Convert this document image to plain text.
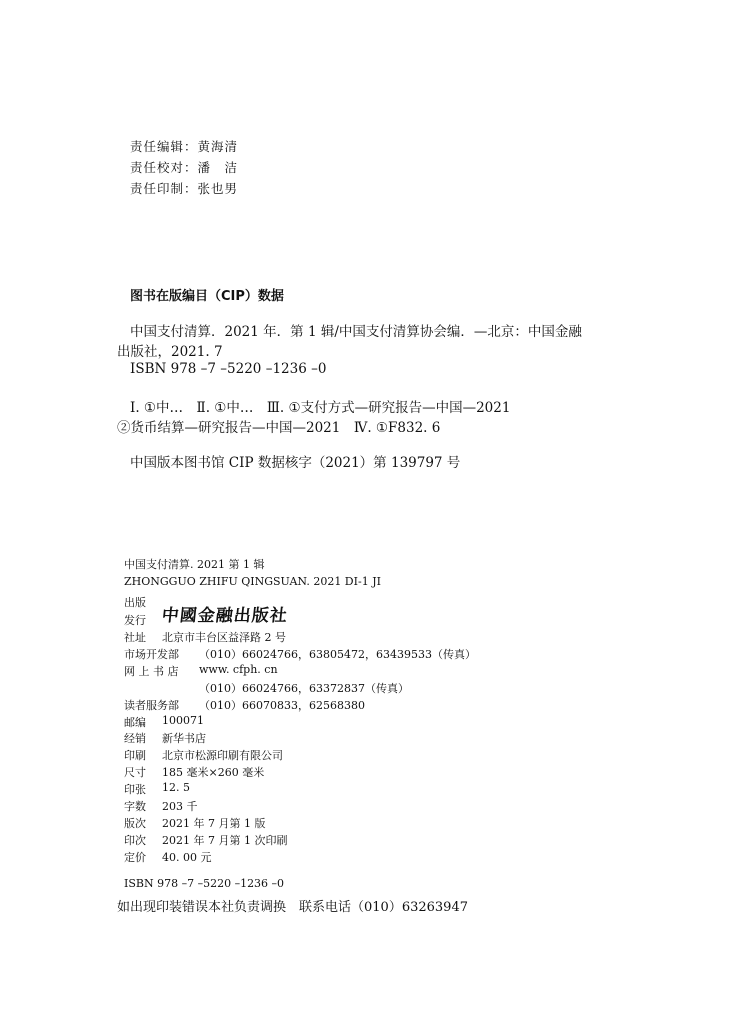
责任编辑：黄海清
责任校对：潘　洁
责任印制：张也男
图书在版编目（CIP）数据
中国支付清算．2021 年．第 1 辑/中国支付清算协会编．—北京：中国金融
出版社，2021. 7
ISBN 978 –7 –5220 –1236 –0
Ⅰ. ①中…　Ⅱ. ①中…　Ⅲ. ①支付方式—研究报告—中国—2021
②货币结算—研究报告—中国—2021　Ⅳ. ①F832. 6
中国版本图书馆 CIP 数据核字（2021）第 139797 号
中国支付清算. 2021 第 1 辑
ZHONGGUO ZHIFU QINGSUAN. 2021 DI-1 JI
出版
发行 中國金融出版社
社址 北京市丰台区益泽路 2 号
市场开发部 （010）66024766，63805472，63439533（传真）
网 上 书 店 www. cfph. cn
（010）66024766，63372837（传真）
读者服务部 （010）66070833，62568380
邮编 100071
经销 新华书店
印刷 北京市松源印刷有限公司
尺寸 185 毫米×260 毫米
印张 12. 5
字数 203 千
版次 2021 年 7 月第 1 版
印次 2021 年 7 月第 1 次印刷
定价 40. 00 元
ISBN 978 –7 –5220 –1236 –0
如出现印装错误本社负责调换　联系电话（010）63263947
